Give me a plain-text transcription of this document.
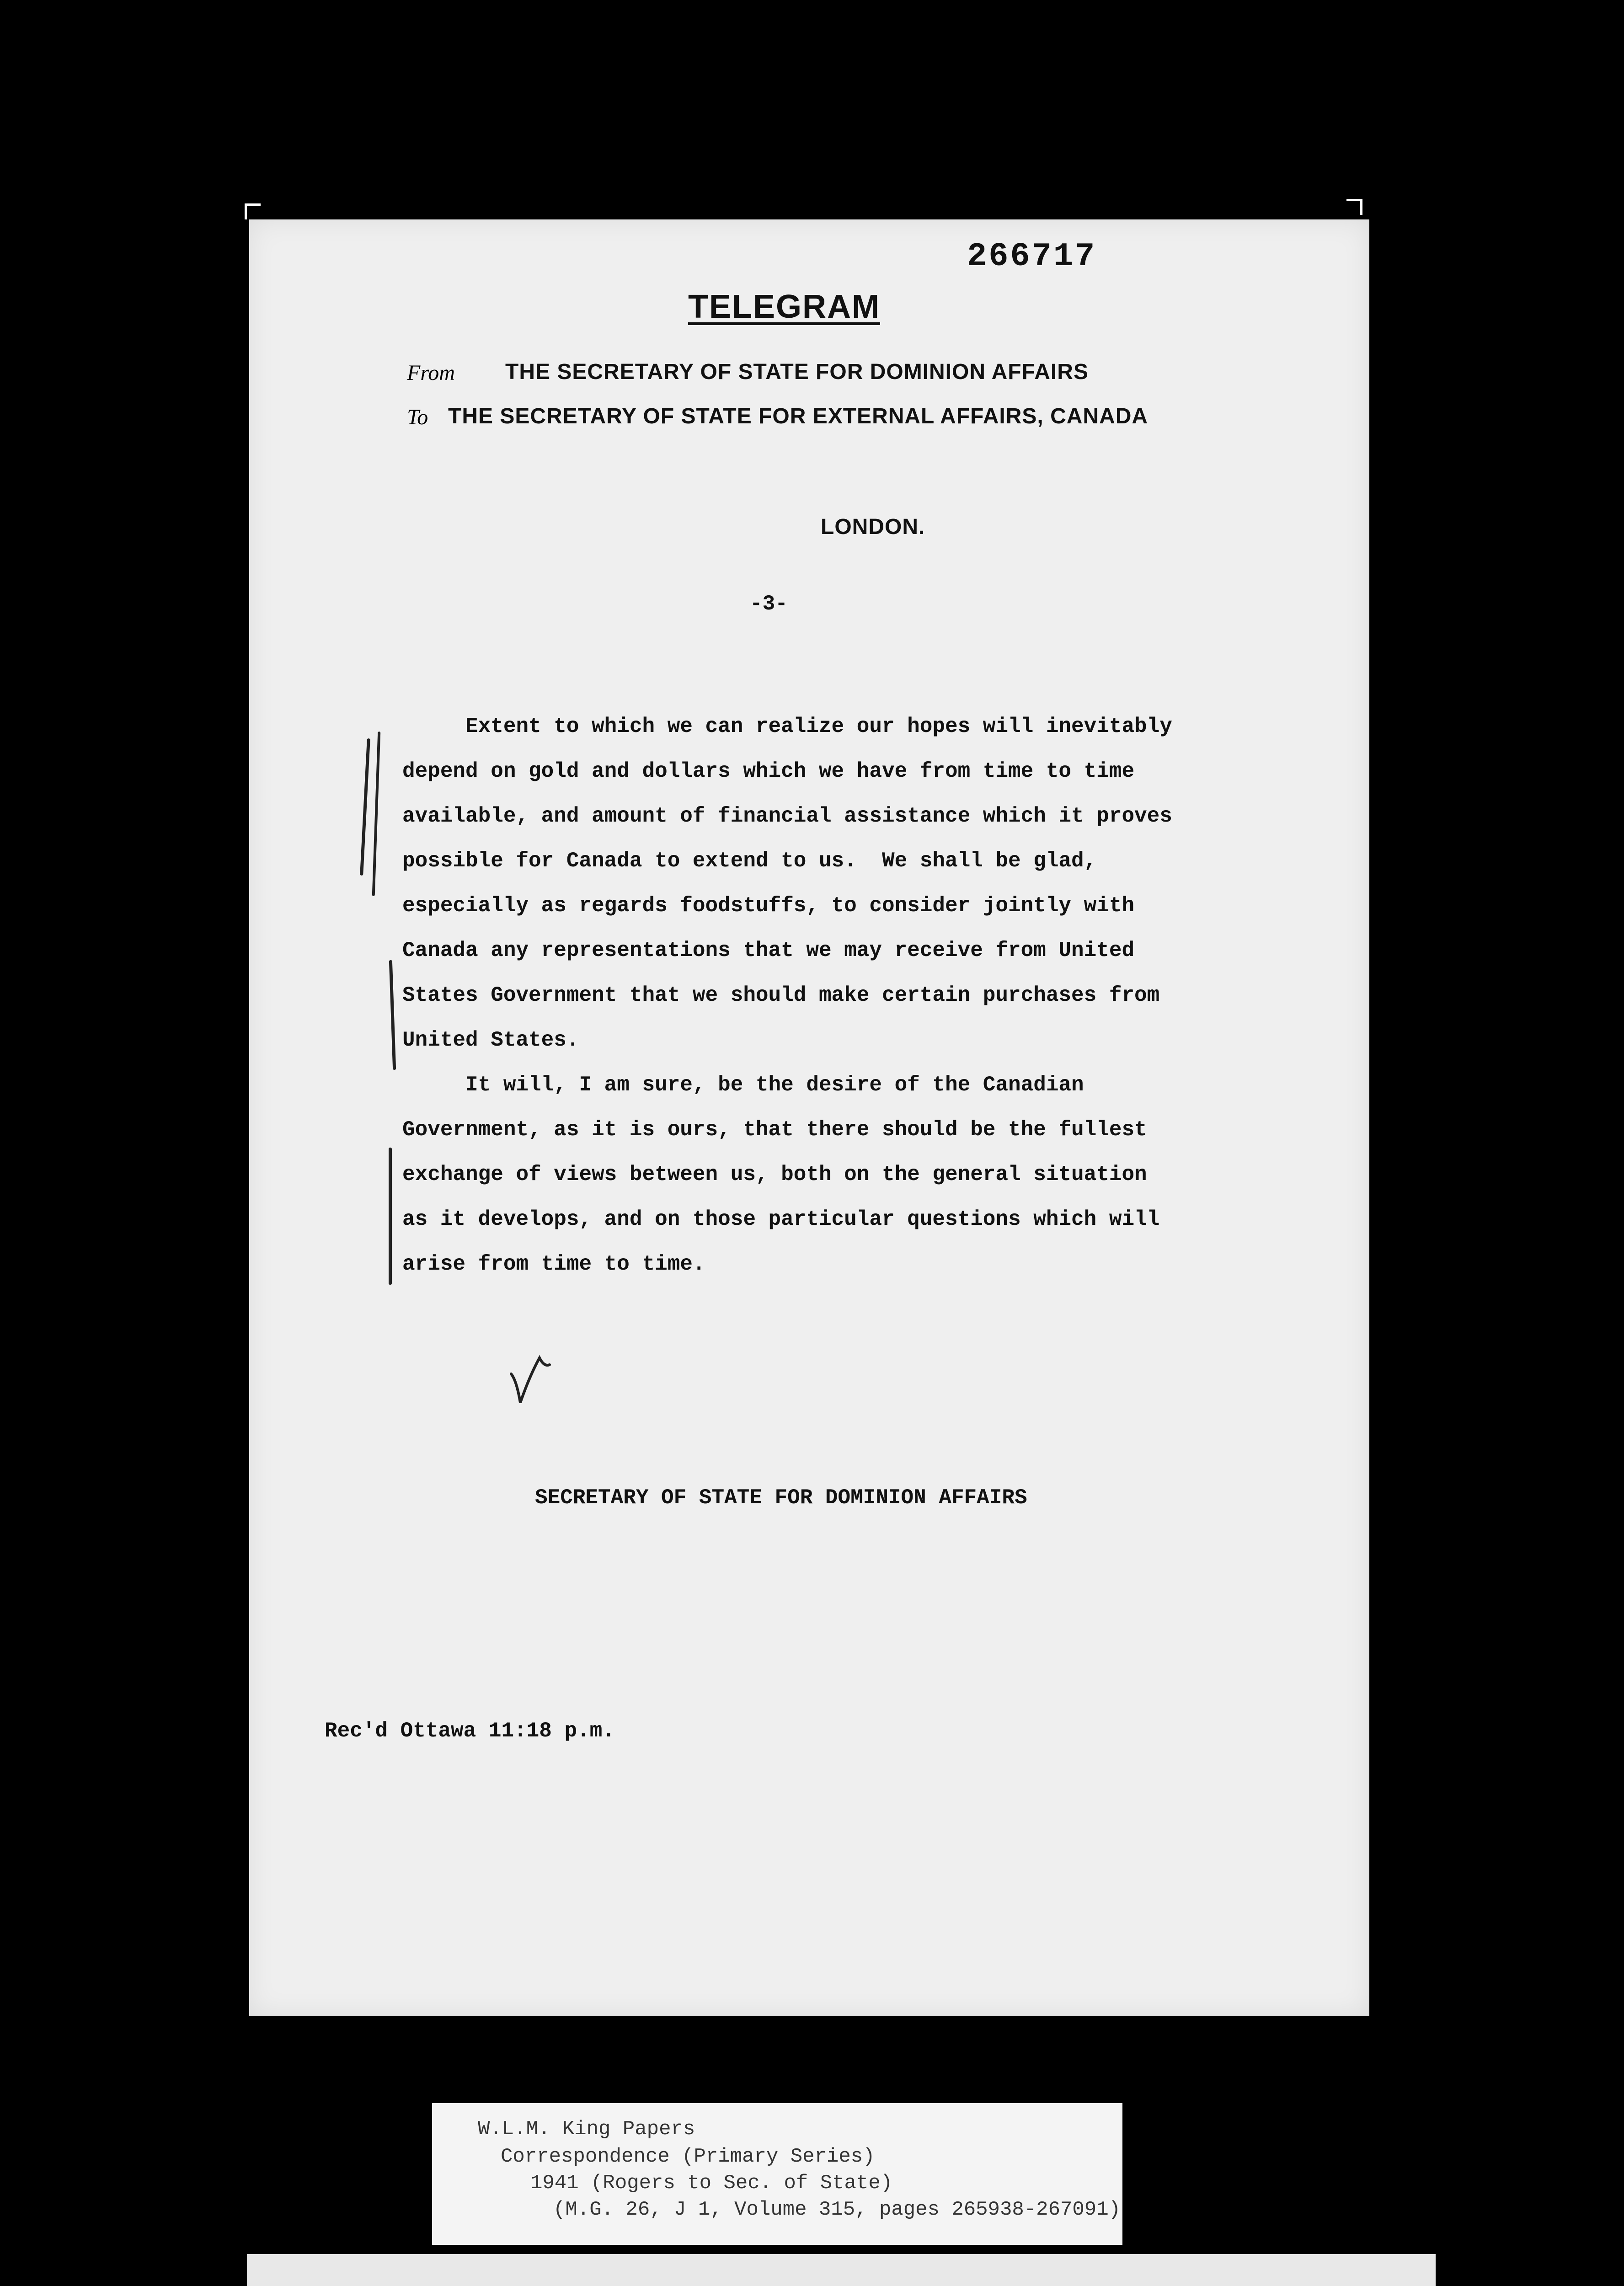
266717
TELEGRAM
From THE SECRETARY OF STATE FOR DOMINION AFFAIRS
To THE SECRETARY OF STATE FOR EXTERNAL AFFAIRS, CANADA
LONDON.
-3-

Extent to which we can realize our hopes will inevitably

depend on gold and dollars which we have from time to time

available, and amount of financial assistance which it proves

possible for Canada to extend to us.  We shall be glad,

especially as regards foodstuffs, to consider jointly with

Canada any representations that we may receive from United

States Government that we should make certain purchases from

United States.

It will, I am sure, be the desire of the Canadian

Government, as it is ours, that there should be the fullest

exchange of views between us, both on the general situation

as it develops, and on those particular questions which will

arise from time to time.

SECRETARY OF STATE FOR DOMINION AFFAIRS
Rec'd Ottawa 11:18 p.m.
W.L.M. King Papers
Correspondence (Primary Series)
1941 (Rogers to Sec. of State)
(M.G. 26, J 1, Volume 315, pages 265938-267091)
